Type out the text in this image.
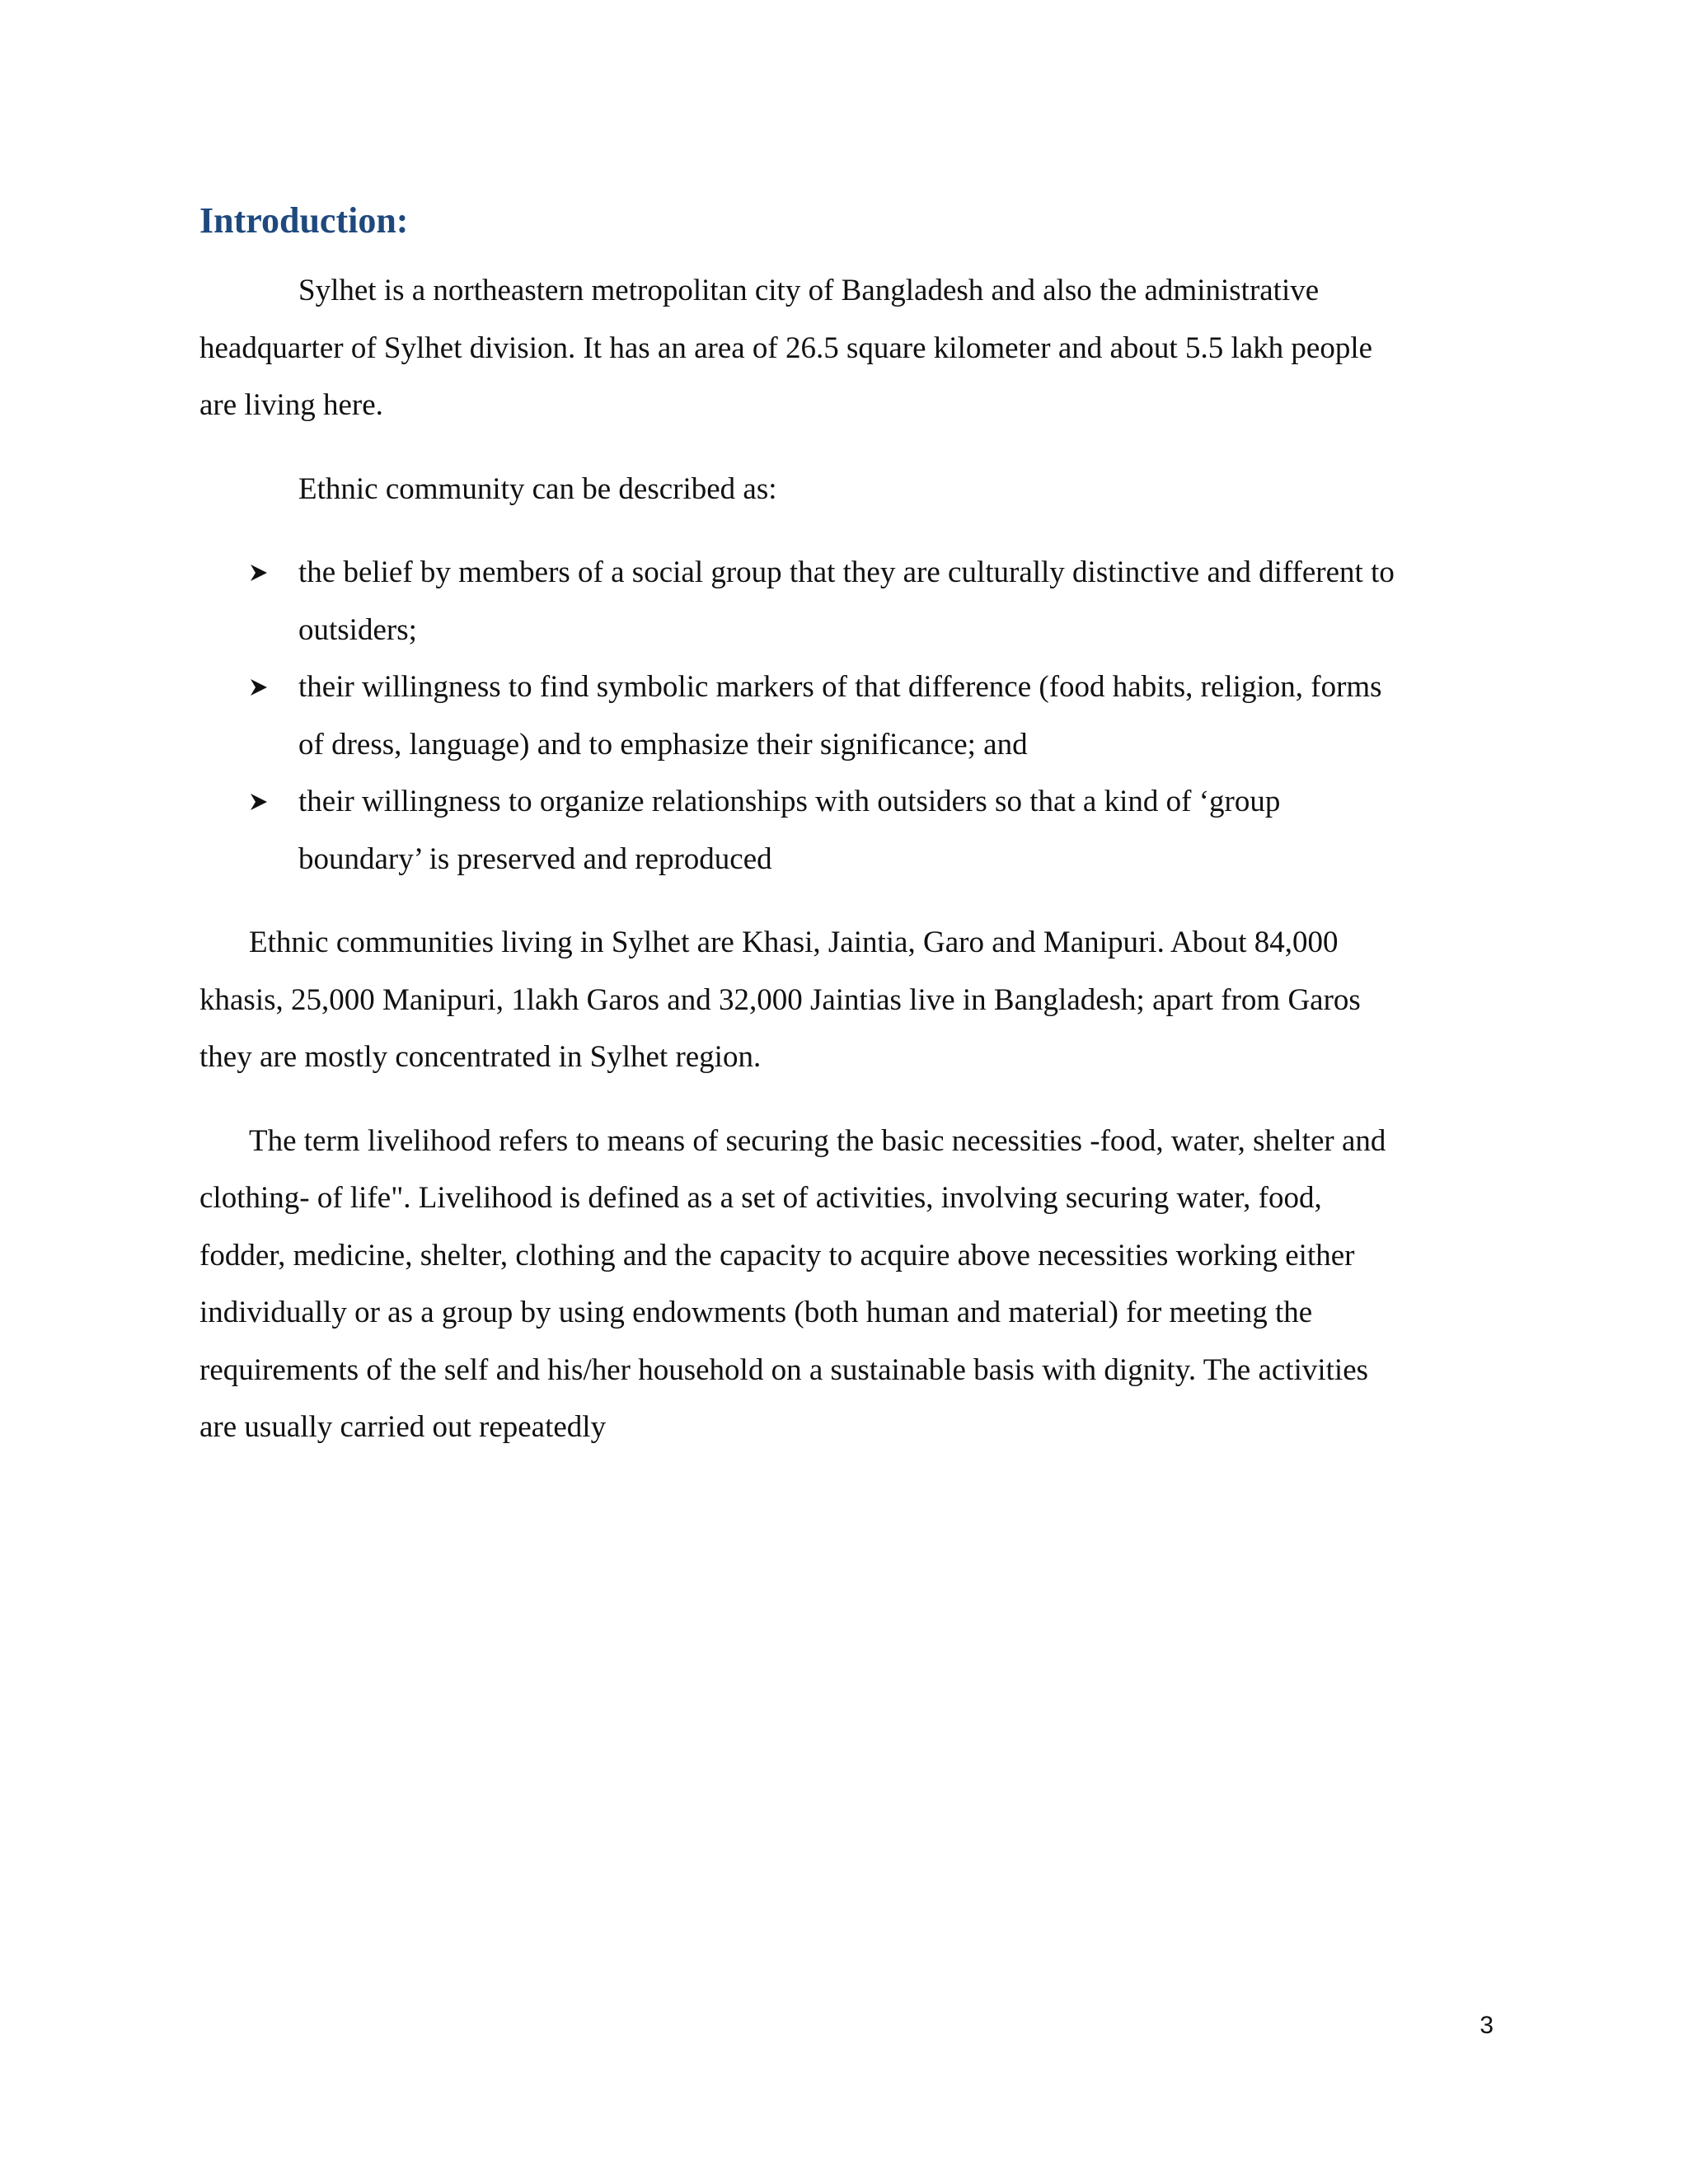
Introduction:

Sylhet is a northeastern metropolitan city of Bangladesh and also the administrative
headquarter of Sylhet division. It has an area of 26.5 square kilometer and about 5.5 lakh people
are living here.

Ethnic community can be described as:

the belief by members of a social group that they are culturally distinctive and different to
outsiders;
their willingness to find symbolic markers of that difference (food habits, religion, forms
of dress, language) and to emphasize their significance; and
their willingness to organize relationships with outsiders so that a kind of ‘group
boundary’ is preserved and reproduced

Ethnic communities living in Sylhet are Khasi, Jaintia, Garo and Manipuri. About 84,000
khasis, 25,000 Manipuri, 1lakh Garos and 32,000 Jaintias live in Bangladesh; apart from Garos
they are mostly concentrated in Sylhet region.

The term livelihood refers to means of securing the basic necessities -food, water, shelter and
clothing- of life". Livelihood is defined as a set of activities, involving securing water, food,
fodder, medicine, shelter, clothing and the capacity to acquire above necessities working either
individually or as a group by using endowments (both human and material) for meeting the
requirements of the self and his/her household on a sustainable basis with dignity. The activities
are usually carried out repeatedly

3
